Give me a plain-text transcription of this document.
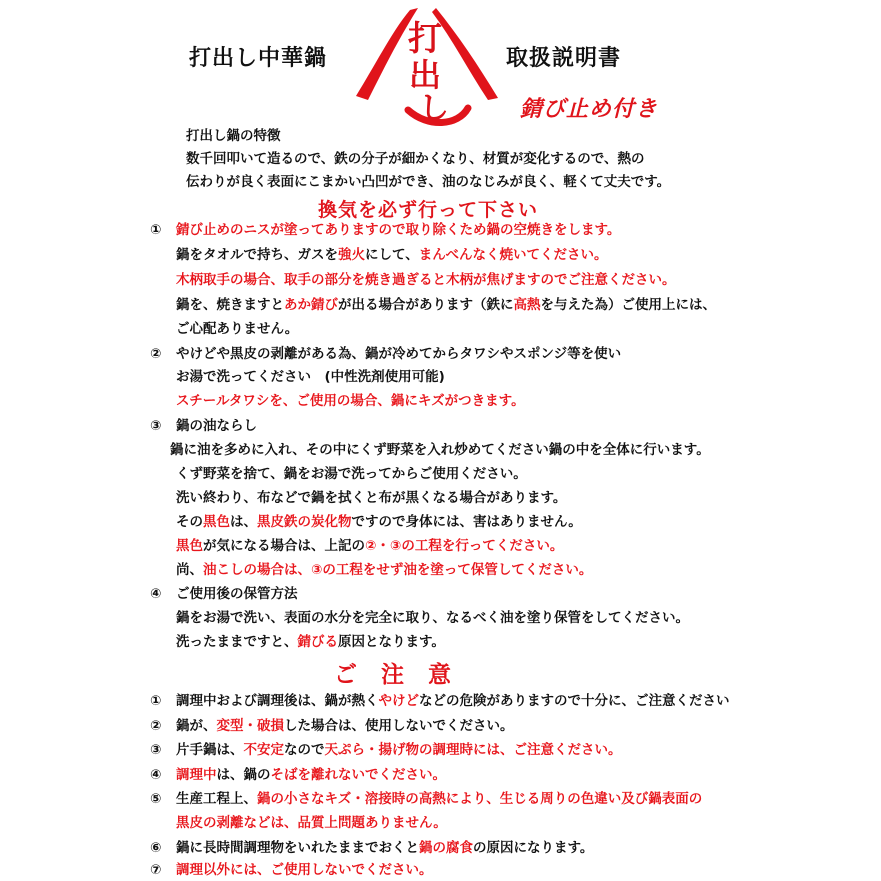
打出し中華鍋	取扱説明書
錆び止め付き
打
出
し
打出し鍋の特徴
数千回叩いて造るので、鉄の分子が細かくなり、材質が変化するので、熱の
伝わりが良く表面にこまかい凸凹ができ、油のなじみが良く、軽くて丈夫です。
換気を必ず行って下さい
① 錆び止めのニスが塗ってありますので取り除くため鍋の空焼きをします。
鍋をタオルで持ち、ガスを強火にして、まんべんなく焼いてください。
木柄取手の場合、取手の部分を焼き過ぎると木柄が焦げますのでご注意ください。
鍋を、焼きますとあか錆びが出る場合があります（鉄に高熱を与えた為）ご使用上には、
ご心配ありません。
② やけどや黒皮の剥離がある為、鍋が冷めてからタワシやスポンジ等を使い
お湯で洗ってください　(中性洗剤使用可能)
スチールタワシを、ご使用の場合、鍋にキズがつきます。
③ 鍋の油ならし
鍋に油を多めに入れ、その中にくず野菜を入れ炒めてください鍋の中を全体に行います。
くず野菜を捨て、鍋をお湯で洗ってからご使用ください。
洗い終わり、布などで鍋を拭くと布が黒くなる場合があります。
その黒色は、黒皮鉄の炭化物ですので身体には、害はありません。
黒色が気になる場合は、上記の②・③の工程を行ってください。
尚、油こしの場合は、③の工程をせず油を塗って保管してください。
④ ご使用後の保管方法
鍋をお湯で洗い、表面の水分を完全に取り、なるべく油を塗り保管をしてください。
洗ったままですと、錆びる原因となります。
ご注意
① 調理中および調理後は、鍋が熱くやけどなどの危険がありますので十分に、ご注意ください
② 鍋が、変型・破損した場合は、使用しないでください。
③ 片手鍋は、不安定なので天ぷら・揚げ物の調理時には、ご注意ください。
④ 調理中は、鍋のそばを離れないでください。
⑤ 生産工程上、鍋の小さなキズ・溶接時の高熱により、生じる周りの色違い及び鍋表面の
黒皮の剥離などは、品質上問題ありません。
⑥ 鍋に長時間調理物をいれたままでおくと鍋の腐食の原因になります。
⑦ 調理以外には、ご使用しないでください。
